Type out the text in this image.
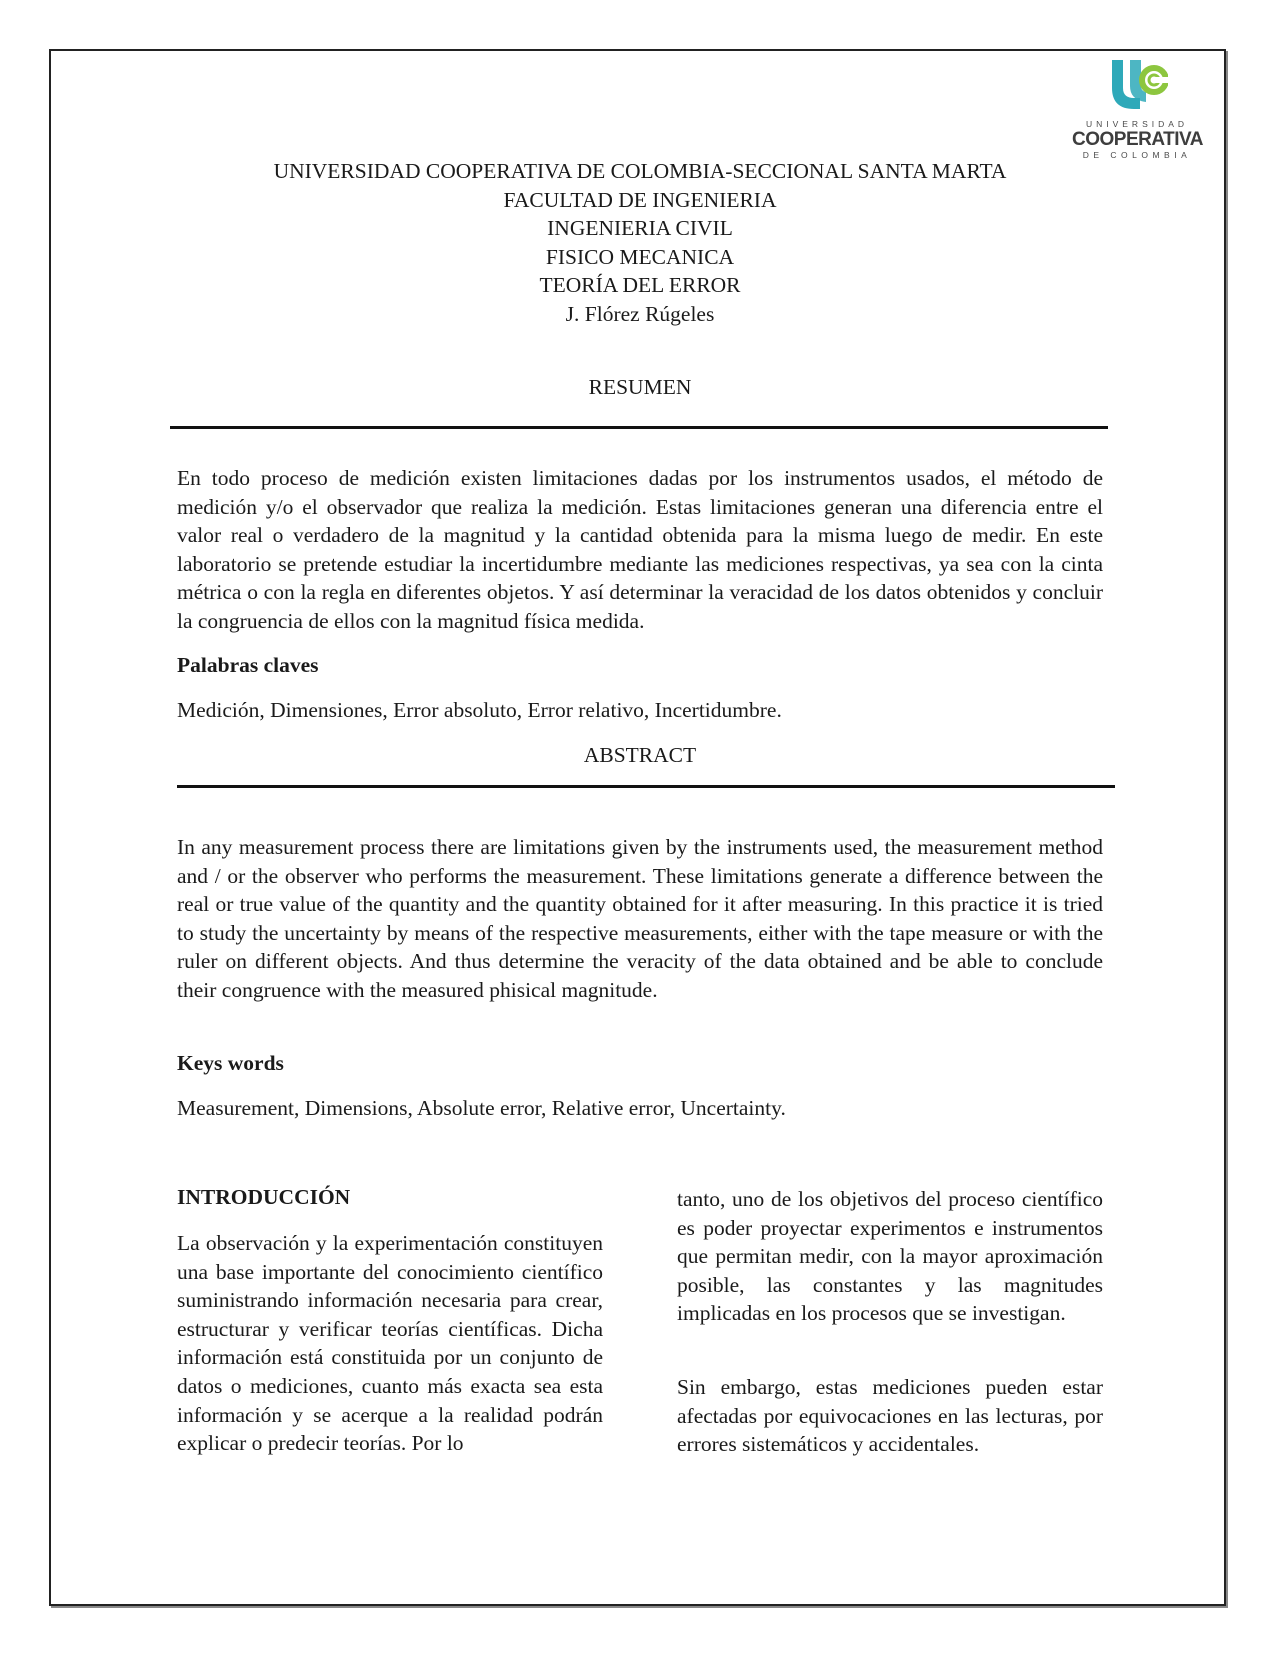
UNIVERSIDAD
COOPERATIVA
DE COLOMBIA
UNIVERSIDAD COOPERATIVA DE COLOMBIA-SECCIONAL SANTA MARTA
FACULTAD DE INGENIERIA
INGENIERIA CIVIL
FISICO MECANICA
TEORÍA DEL ERROR
J. Flórez Rúgeles
RESUMEN

En todo proceso de medición existen limitaciones dadas por los instrumentos usados, el método de medición y/o el observador que realiza la medición. Estas limitaciones generan una diferencia entre el valor real o verdadero de la magnitud y la cantidad obtenida para la misma luego de medir. En este laboratorio se pretende estudiar la incertidumbre mediante las mediciones respectivas, ya sea con la cinta métrica o con la regla en diferentes objetos. Y así determinar la veracidad de los datos obtenidos y concluir la congruencia de ellos con la magnitud física medida.

Palabras claves
Medición, Dimensiones, Error absoluto, Error relativo, Incertidumbre.
ABSTRACT

In any measurement process there are limitations given by the instruments used, the measurement method and / or the observer who performs the measurement. These limitations generate a difference between the real or true value of the quantity and the quantity obtained for it after measuring. In this practice it is tried to study the uncertainty by means of the respective measurements, either with the tape measure or with the ruler on different objects. And thus determine the veracity of the data obtained and be able to conclude their congruence with the measured phisical magnitude.

Keys words
Measurement, Dimensions, Absolute error, Relative error, Uncertainty.
INTRODUCCIÓN

La observación y la experimentación constituyen una base importante del conocimiento científico suministrando información necesaria para crear, estructurar y verificar teorías científicas. Dicha información está constituida por un conjunto de datos o mediciones, cuanto más exacta sea esta información y se acerque a la realidad podrán explicar o predecir teorías. Por lo

tanto, uno de los objetivos del proceso científico es poder proyectar experimentos e instrumentos que permitan medir, con la mayor aproximación posible, las constantes y las magnitudes implicadas en los procesos que se investigan.

Sin embargo, estas mediciones pueden estar afectadas por equivocaciones en las lecturas, por errores sistemáticos y accidentales.
